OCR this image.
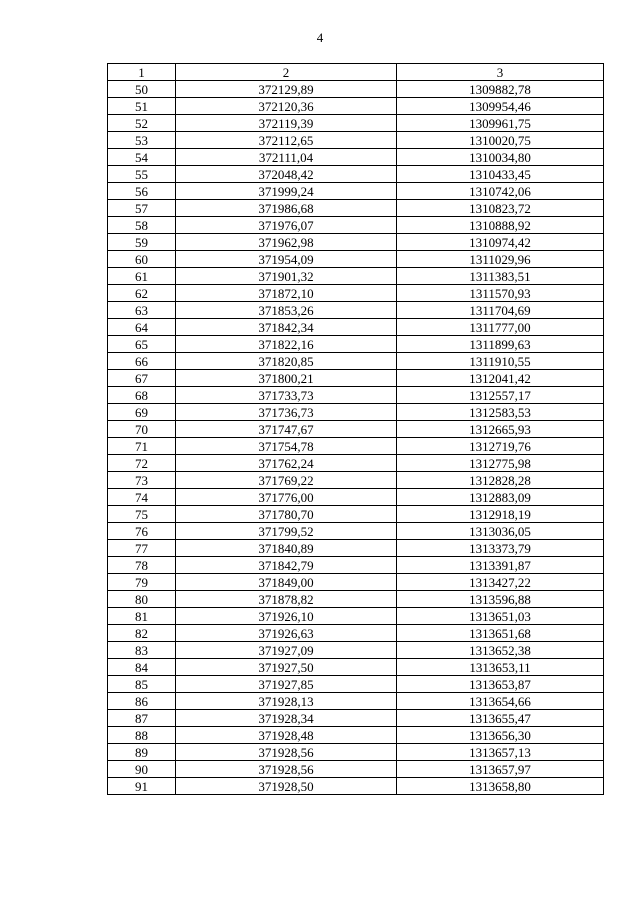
4
1	2	3
50	372129,89	1309882,78
51	372120,36	1309954,46
52	372119,39	1309961,75
53	372112,65	1310020,75
54	372111,04	1310034,80
55	372048,42	1310433,45
56	371999,24	1310742,06
57	371986,68	1310823,72
58	371976,07	1310888,92
59	371962,98	1310974,42
60	371954,09	1311029,96
61	371901,32	1311383,51
62	371872,10	1311570,93
63	371853,26	1311704,69
64	371842,34	1311777,00
65	371822,16	1311899,63
66	371820,85	1311910,55
67	371800,21	1312041,42
68	371733,73	1312557,17
69	371736,73	1312583,53
70	371747,67	1312665,93
71	371754,78	1312719,76
72	371762,24	1312775,98
73	371769,22	1312828,28
74	371776,00	1312883,09
75	371780,70	1312918,19
76	371799,52	1313036,05
77	371840,89	1313373,79
78	371842,79	1313391,87
79	371849,00	1313427,22
80	371878,82	1313596,88
81	371926,10	1313651,03
82	371926,63	1313651,68
83	371927,09	1313652,38
84	371927,50	1313653,11
85	371927,85	1313653,87
86	371928,13	1313654,66
87	371928,34	1313655,47
88	371928,48	1313656,30
89	371928,56	1313657,13
90	371928,56	1313657,97
91	371928,50	1313658,80
